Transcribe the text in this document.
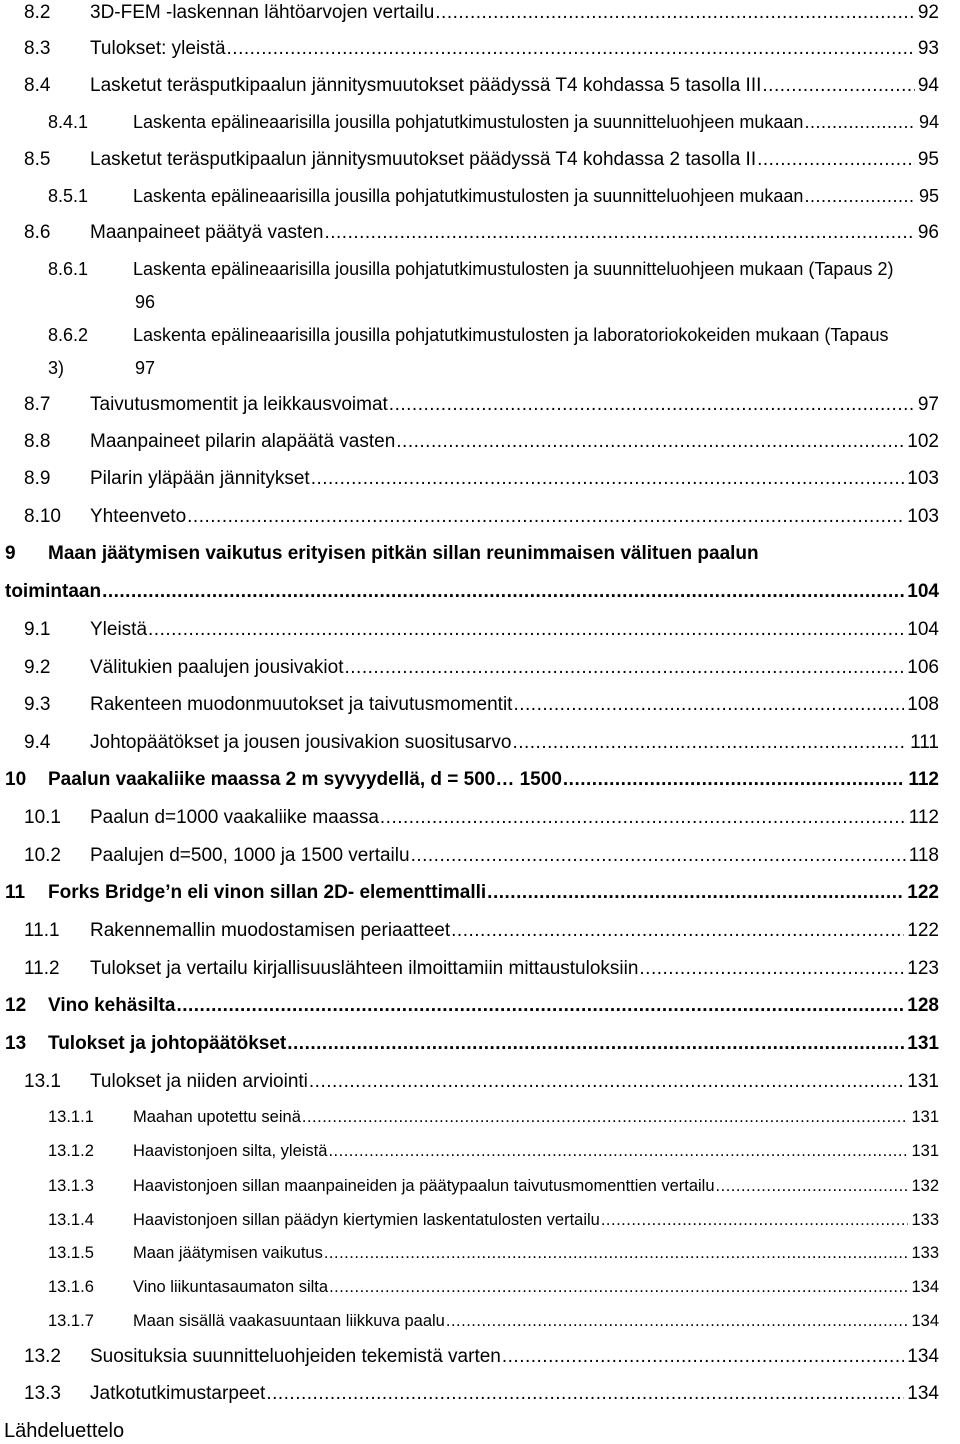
8.2 3D-FEM -laskennan lähtöarvojen vertailu .....	92
8.3 Tulokset: yleistä .....	93
8.4 Lasketut teräsputkipaalun jännitysmuutokset päädyssä T4 kohdassa 5 tasolla III .....	94
8.4.1 Laskenta epälineaarisilla jousilla pohjatutkimustulosten ja suunnitteluohjeen mukaan .....	94
8.5 Lasketut teräsputkipaalun jännitysmuutokset päädyssä T4 kohdassa 2 tasolla II .....	95
8.5.1 Laskenta epälineaarisilla jousilla pohjatutkimustulosten ja suunnitteluohjeen mukaan .....	95
8.6 Maanpaineet päätyä vasten .....	96
8.6.1 Laskenta epälineaarisilla jousilla pohjatutkimustulosten ja suunnitteluohjeen mukaan (Tapaus 2)
96
8.6.2 Laskenta epälineaarisilla jousilla pohjatutkimustulosten ja laboratoriokokeiden mukaan (Tapaus
3)	97
8.7 Taivutusmomentit ja leikkausvoimat .....	97
8.8 Maanpaineet pilarin alapäätä vasten .....	102
8.9 Pilarin yläpään jännitykset .....	103
8.10 Yhteenveto .....	103
9 Maan jäätymisen vaikutus erityisen pitkän sillan reunimmaisen välituen paalun
toimintaan .....	104
9.1 Yleistä .....	104
9.2 Välitukien paalujen jousivakiot .....	106
9.3 Rakenteen muodonmuutokset ja taivutusmomentit .....	108
9.4 Johtopäätökset ja jousen jousivakion suositusarvo .....	111
10 Paalun vaakaliike maassa 2 m syvyydellä, d = 500… 1500 .....	112
10.1 Paalun d=1000 vaakaliike maassa .....	112
10.2 Paalujen d=500, 1000 ja 1500 vertailu .....	118
11 Forks Bridge’n eli vinon sillan 2D- elementtimalli .....	122
11.1 Rakennemallin muodostamisen periaatteet .....	122
11.2 Tulokset ja vertailu kirjallisuuslähteen ilmoittamiin mittaustuloksiin .....	123
12 Vino kehäsilta .....	128
13 Tulokset ja johtopäätökset .....	131
13.1 Tulokset ja niiden arviointi .....	131
13.1.1 Maahan upotettu seinä .....	131
13.1.2 Haavistonjoen silta, yleistä .....	131
13.1.3 Haavistonjoen sillan maanpaineiden ja päätypaalun taivutusmomenttien vertailu .....	132
13.1.4 Haavistonjoen sillan päädyn kiertymien laskentatulosten vertailu .....	133
13.1.5 Maan jäätymisen vaikutus .....	133
13.1.6 Vino liikuntasaumaton silta .....	134
13.1.7 Maan sisällä vaakasuuntaan liikkuva paalu .....	134
13.2 Suosituksia suunnitteluohjeiden tekemistä varten .....	134
13.3 Jatkotutkimustarpeet .....	134
Lähdeluettelo
